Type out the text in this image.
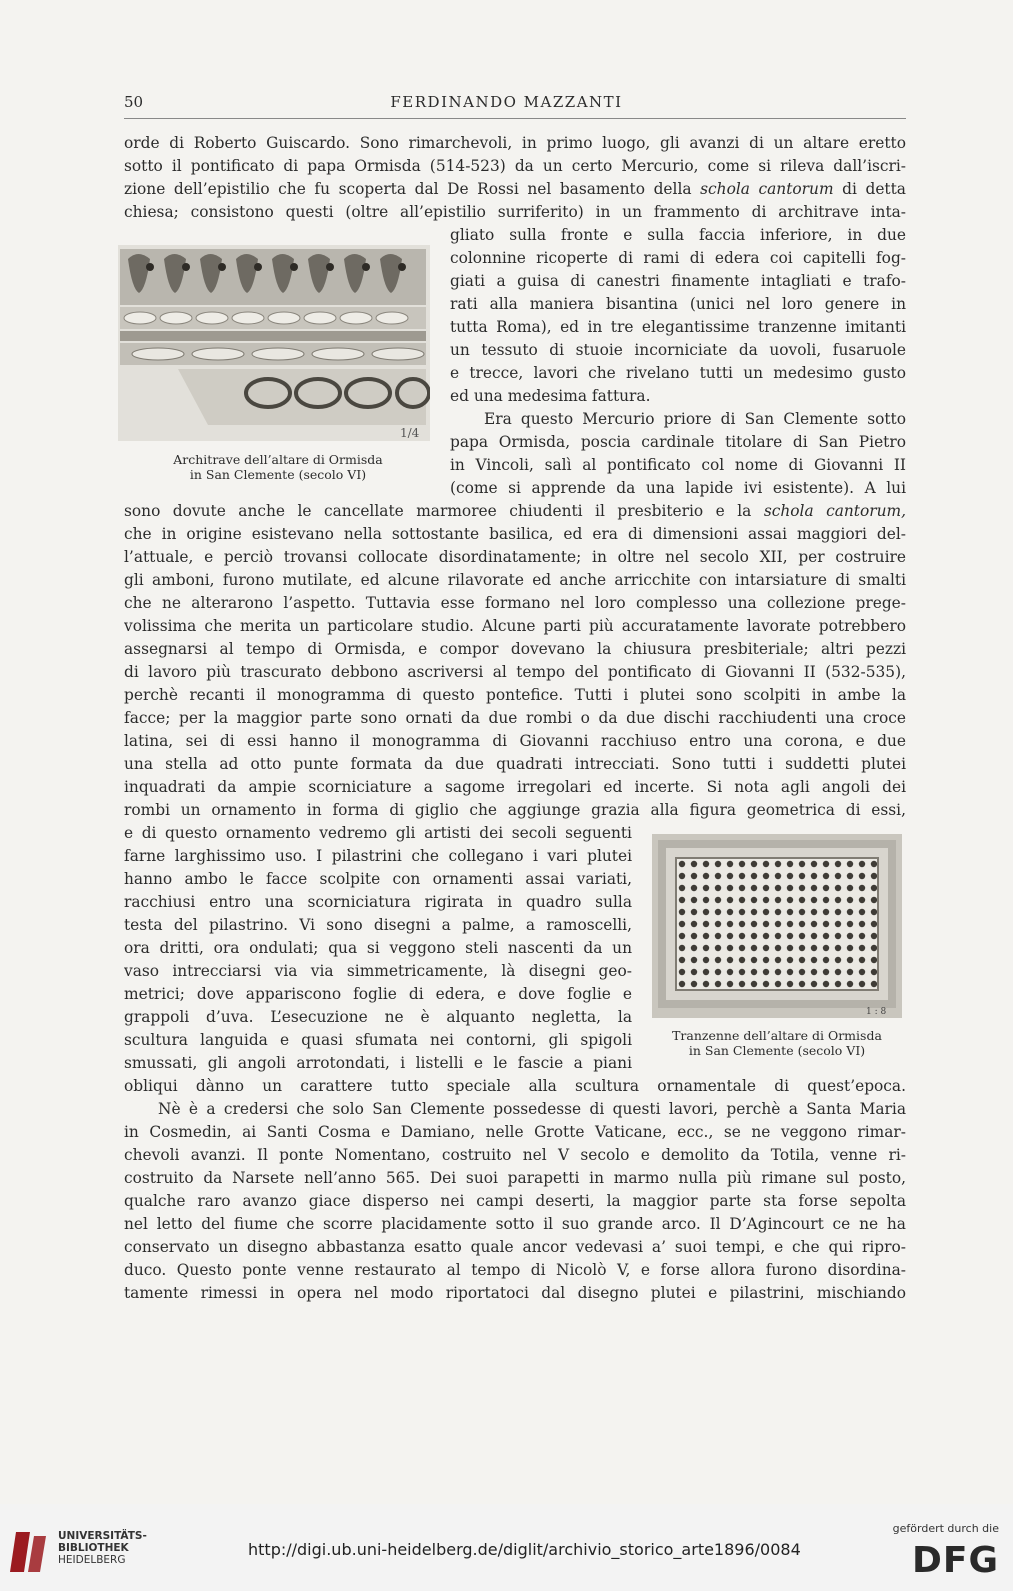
50	FERDINANDO MAZZANTI
orde di Roberto Guiscardo. Sono rimarchevoli, in primo luogo, gli avanzi di un altare eretto
sotto il pontificato di papa Ormisda (514-523) da un certo Mercurio, come si rileva dall’iscri-
zione dell’epistilio che fu scoperta dal De Rossi nel basamento della schola cantorum di detta
chiesa; consistono questi (oltre all’epistilio surriferito) in un frammento di architrave inta-
1/4
Architrave dell’altare di Ormisda
in San Clemente (secolo VI)
gliato sulla fronte e sulla faccia inferiore, in due
colonnine ricoperte di rami di edera coi capitelli fog-
giati a guisa di canestri finamente intagliati e trafo-
rati alla maniera bisantina (unici nel loro genere in
tutta Roma), ed in tre elegantissime tranzenne imitanti
un tessuto di stuoie incorniciate da uovoli, fusaruole
e trecce, lavori che rivelano tutti un medesimo gusto
ed una medesima fattura.
Era questo Mercurio priore di San Clemente sotto
papa Ormisda, poscia cardinale titolare di San Pietro
in Vincoli, salì al pontificato col nome di Giovanni II
(come si apprende da una lapide ivi esistente). A lui
sono dovute anche le cancellate marmoree chiudenti il presbiterio e la schola cantorum,
che in origine esistevano nella sottostante basilica, ed era di dimensioni assai maggiori del-
l’attuale, e perciò trovansi collocate disordinatamente; in oltre nel secolo XII, per costruire
gli amboni, furono mutilate, ed alcune rilavorate ed anche arricchite con intarsiature di smalti
che ne alterarono l’aspetto. Tuttavia esse formano nel loro complesso una collezione prege-
volissima che merita un particolare studio. Alcune parti più accuratamente lavorate potrebbero
assegnarsi al tempo di Ormisda, e compor dovevano la chiusura presbiteriale; altri pezzi
di lavoro più trascurato debbono ascriversi al tempo del pontificato di Giovanni II (532-535),
perchè recanti il monogramma di questo pontefice. Tutti i plutei sono scolpiti in ambe la
facce; per la maggior parte sono ornati da due rombi o da due dischi racchiudenti una croce
latina, sei di essi hanno il monogramma di Giovanni racchiuso entro una corona, e due
una stella ad otto punte formata da due quadrati intrecciati. Sono tutti i suddetti plutei
inquadrati da ampie scorniciature a sagome irregolari ed incerte. Si nota agli angoli dei
rombi un ornamento in forma di giglio che aggiunge grazia alla figura geometrica di essi,
e di questo ornamento vedremo gli artisti dei secoli seguenti
farne larghissimo uso. I pilastrini che collegano i vari plutei
hanno ambo le facce scolpite con ornamenti assai variati,
racchiusi entro una scorniciatura rigirata in quadro sulla
testa del pilastrino. Vi sono disegni a palme, a ramoscelli,
ora dritti, ora ondulati; qua si veggono steli nascenti da un
vaso intrecciarsi via via simmetricamente, là disegni geo-
metrici; dove appariscono foglie di edera, e dove foglie e
grappoli d’uva. L’esecuzione ne è alquanto negletta, la
scultura languida e quasi sfumata nei contorni, gli spigoli
smussati, gli angoli arrotondati, i listelli e le fascie a piani
1 : 8
Tranzenne dell’altare di Ormisda
in San Clemente (secolo VI)
obliqui dànno un carattere tutto speciale alla scultura ornamentale di quest’epoca.
Nè è a credersi che solo San Clemente possedesse di questi lavori, perchè a Santa Maria
in Cosmedin, ai Santi Cosma e Damiano, nelle Grotte Vaticane, ecc., se ne veggono rimar-
chevoli avanzi. Il ponte Nomentano, costruito nel V secolo e demolito da Totila, venne ri-
costruito da Narsete nell’anno 565. Dei suoi parapetti in marmo nulla più rimane sul posto,
qualche raro avanzo giace disperso nei campi deserti, la maggior parte sta forse sepolta
nel letto del fiume che scorre placidamente sotto il suo grande arco. Il D’Agincourt ce ne ha
conservato un disegno abbastanza esatto quale ancor vedevasi a’ suoi tempi, e che qui ripro-
duco. Questo ponte venne restaurato al tempo di Nicolò V, e forse allora furono disordina-
tamente rimessi in opera nel modo riportatoci dal disegno plutei e pilastrini, mischiando
UNIVERSITÄTS-
BIBLIOTHEK
HEIDELBERG
http://digi.ub.uni-heidelberg.de/diglit/archivio_storico_arte1896/0084
gefördert durch die
DFG
